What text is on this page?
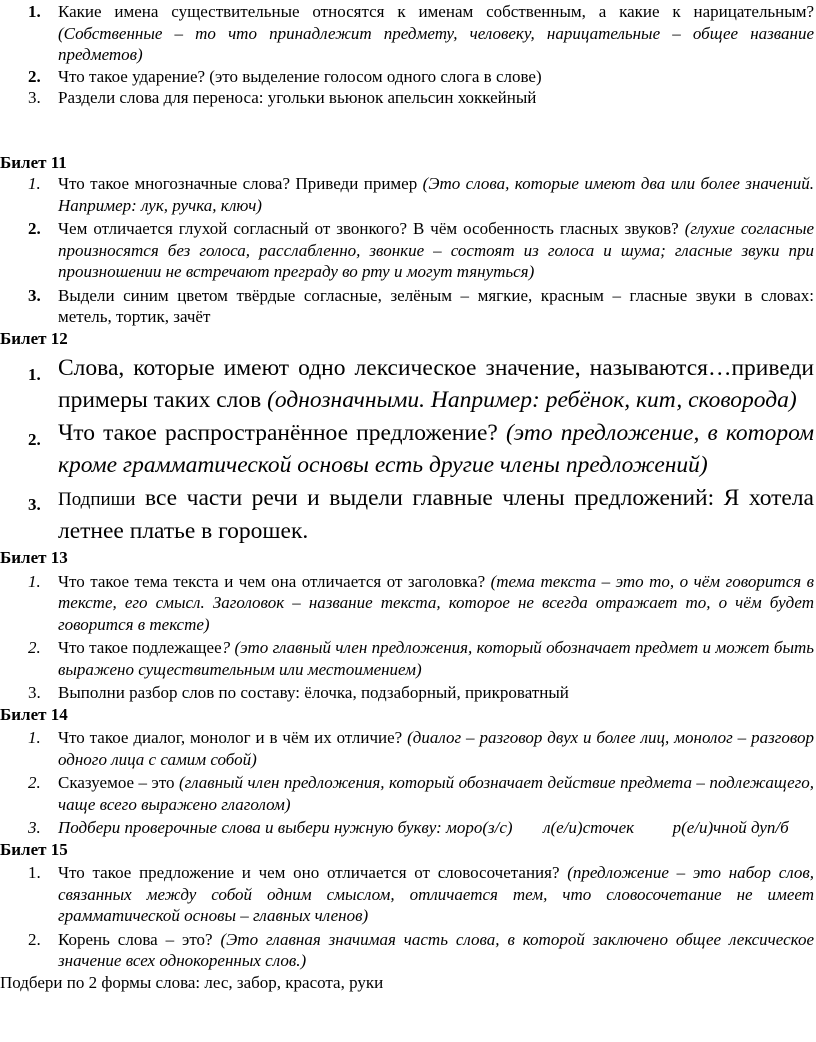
1. Какие имена существительные относятся к именам собственным, а какие к нарицательным? (Собственные – то что принадлежит предмету, человеку, нарицательные – общее название предметов)
2. Что такое ударение? (это выделение голосом одного слога в слове)
3. Раздели слова для переноса: угольки вьюнок апельсин хоккейный

Билет 11

1. Что такое многозначные слова? Приведи пример (Это слова, которые имеют два или более значений. Например: лук, ручка, ключ)
2. Чем отличается глухой согласный от звонкого? В чём особенность гласных звуков? (глухие согласные произносятся без голоса, расслабленно, звонкие – состоят из голоса и шума; гласные звуки при произношении не встречают преграду во рту и могут тянуться)
3. Выдели синим цветом твёрдые согласные, зелёным – мягкие, красным – гласные звуки в словах: метель, тортик, зачёт

Билет 12

1. Слова, которые имеют одно лексическое значение, называются…приведи примеры таких слов (однозначными. Например: ребёнок, кит, сковорода)
2. Что такое распространённое предложение? (это предложение, в котором кроме грамматической основы есть другие члены предложений)
3. Подпиши все части речи и выдели главные члены предложений: Я хотела летнее платье в горошек.

Билет 13

1. Что такое тема текста и чем она отличается от заголовка? (тема текста – это то, о чём говорится в тексте, его смысл. Заголовок – название текста, которое не всегда отражает то, о чём будет говорится в тексте)
2. Что такое подлежащее? (это главный член предложения, который обозначает предмет и может быть выражено существительным или местоимением)
3. Выполни разбор слов по составу: ёлочка, подзаборный, прикроватный

Билет 14

1. Что такое диалог, монолог и в чём их отличие? (диалог – разговор двух и более лиц, монолог – разговор одного лица с самим собой)
2. Сказуемое – это (главный член предложения, который обозначает действие предмета – подлежащего, чаще всего выражено глаголом)
3. Подбери проверочные слова и выбери нужную букву: моро(з/с) л(е/и)сточек р(е/и)чной дуп/б

Билет 15

1. Что такое предложение и чем оно отличается от словосочетания? (предложение – это набор слов, связанных между собой одним смыслом, отличается тем, что словосочетание не имеет грамматической основы – главных членов)
2. Корень слова – это? (Это главная значимая часть слова, в которой заключено общее лексическое значение всех однокоренных слов.)

Подбери по 2 формы слова: лес, забор, красота, руки
